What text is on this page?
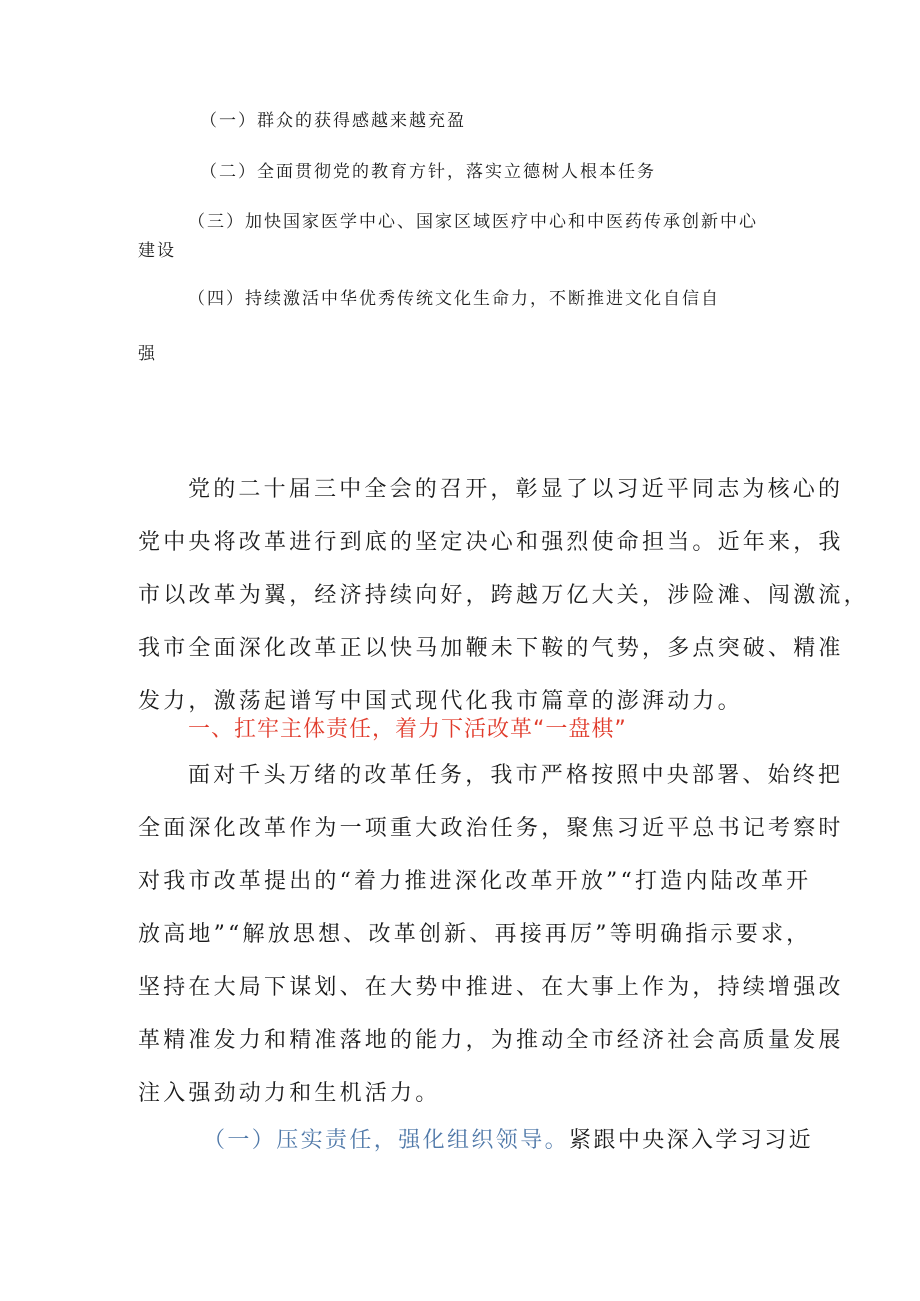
（一）群众的获得感越来越充盈
（二）全面贯彻党的教育方针，落实立德树人根本任务
（三）加快国家医学中心、国家区域医疗中心和中医药传承创新中心
建设
（四）持续激活中华优秀传统文化生命力，不断推进文化自信自
强
党的二十届三中全会的召开，彰显了以习近平同志为核心的
党中央将改革进行到底的坚定决心和强烈使命担当。近年来，我
市以改革为翼，经济持续向好，跨越万亿大关，涉险滩、闯激流，
我市全面深化改革正以快马加鞭未下鞍的气势，多点突破、精准
发力，激荡起谱写中国式现代化我市篇章的澎湃动力。
一、扛牢主体责任，着力下活改革“一盘棋”
面对千头万绪的改革任务，我市严格按照中央部署、始终把
全面深化改革作为一项重大政治任务，聚焦习近平总书记考察时
对我市改革提出的“着力推进深化改革开放”“打造内陆改革开
放高地”“解放思想、改革创新、再接再厉”等明确指示要求，
坚持在大局下谋划、在大势中推进、在大事上作为，持续增强改
革精准发力和精准落地的能力，为推动全市经济社会高质量发展
注入强劲动力和生机活力。
（一）压实责任，强化组织领导。紧跟中央深入学习习近
